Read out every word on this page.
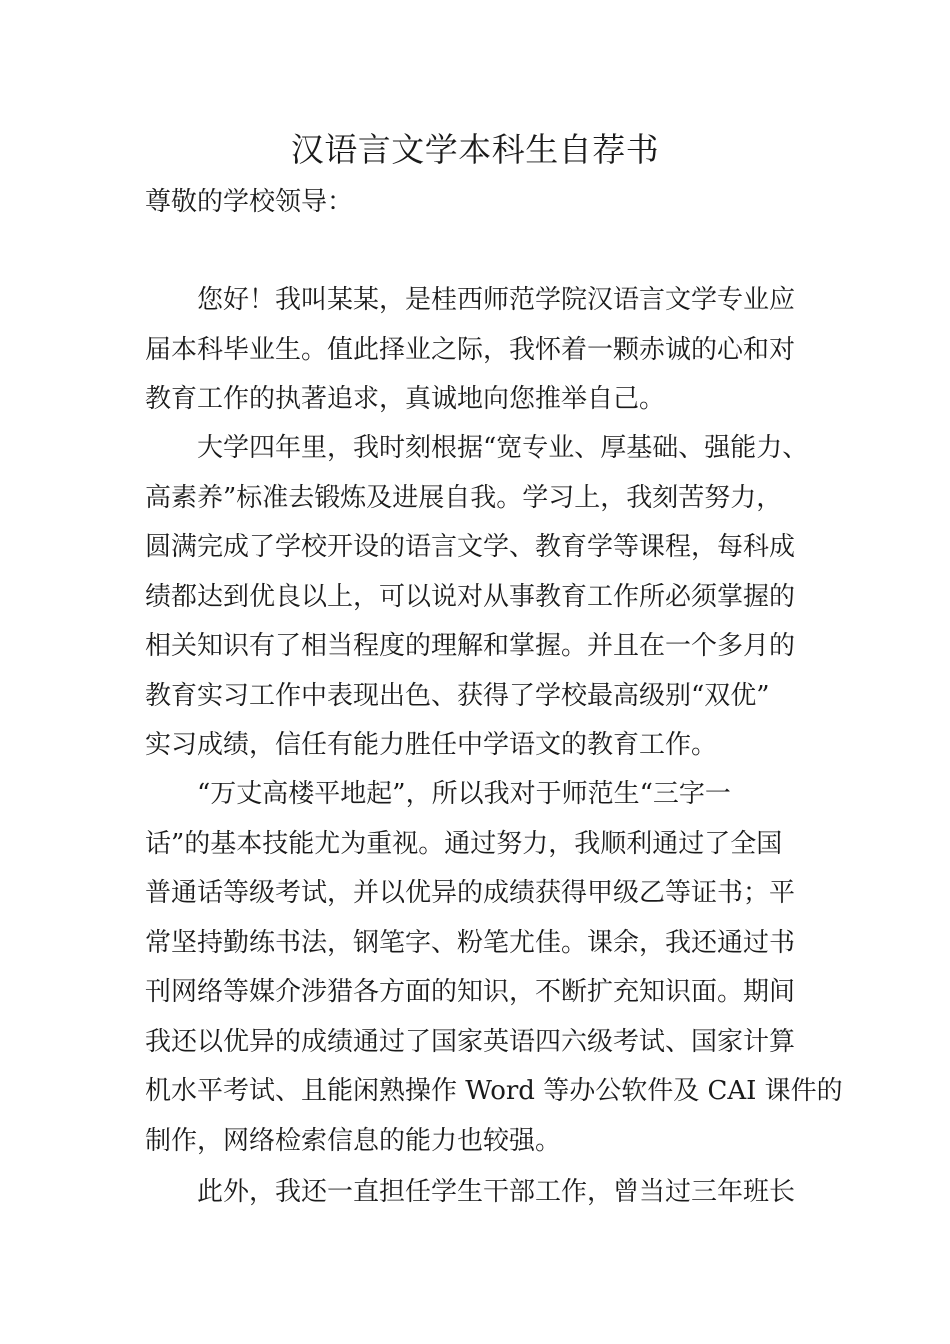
汉语言文学本科生自荐书

尊敬的学校领导：

　　您好！我叫某某，是桂西师范学院汉语言文学专业应

届本科毕业生。值此择业之际，我怀着一颗赤诚的心和对

教育工作的执著追求，真诚地向您推举自己。

　　大学四年里，我时刻根据“宽专业、厚基础、强能力、

高素养”标准去锻炼及进展自我。学习上，我刻苦努力，

圆满完成了学校开设的语言文学、教育学等课程，每科成

绩都达到优良以上，可以说对从事教育工作所必须掌握的

相关知识有了相当程度的理解和掌握。并且在一个多月的

教育实习工作中表现出色、获得了学校最高级别“双优”

实习成绩，信任有能力胜任中学语文的教育工作。

　　“万丈高楼平地起”，所以我对于师范生“三字一

话”的基本技能尤为重视。通过努力，我顺利通过了全国

普通话等级考试，并以优异的成绩获得甲级乙等证书；平

常坚持勤练书法，钢笔字、粉笔尤佳。课余，我还通过书

刊网络等媒介涉猎各方面的知识，不断扩充知识面。期间

我还以优异的成绩通过了国家英语四六级考试、国家计算

机水平考试、且能闲熟操作 Word 等办公软件及 CAI 课件的

制作，网络检索信息的能力也较强。

　　此外，我还一直担任学生干部工作，曾当过三年班长
